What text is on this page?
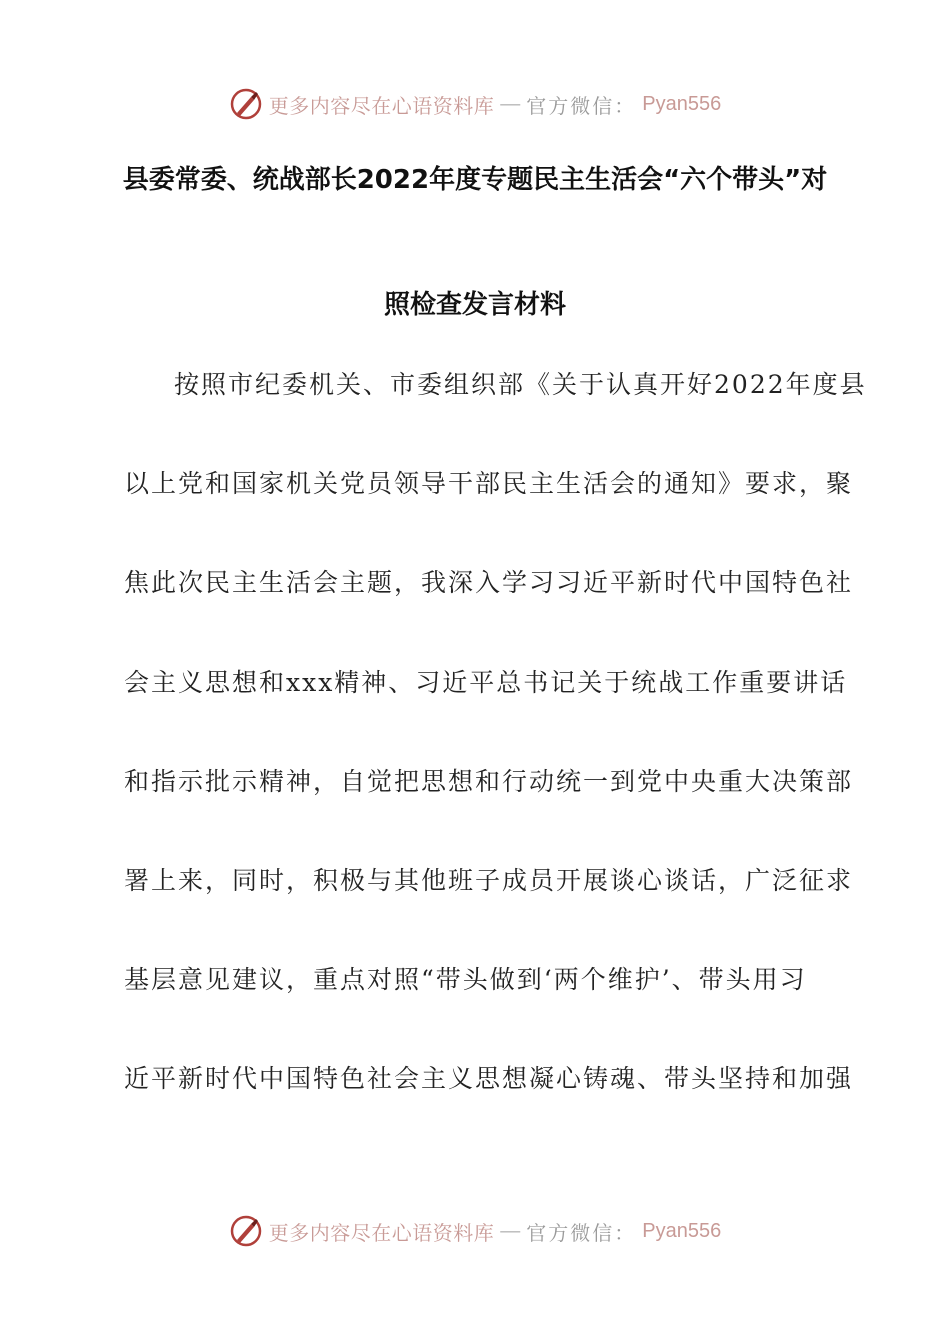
更多内容尽在心语资料库 — 官方微信： Pyan556
县委常委、统战部长2022年度专题民主生活会“六个带头”对
照检查发言材料
按照市纪委机关、市委组织部《关于认真开好2022年度县
以上党和国家机关党员领导干部民主生活会的通知》要求，聚
焦此次民主生活会主题，我深入学习习近平新时代中国特色社
会主义思想和xxx精神、习近平总书记关于统战工作重要讲话
和指示批示精神，自觉把思想和行动统一到党中央重大决策部
署上来，同时，积极与其他班子成员开展谈心谈话，广泛征求
基层意见建议，重点对照“带头做到‘两个维护’、带头用习
近平新时代中国特色社会主义思想凝心铸魂、带头坚持和加强
更多内容尽在心语资料库 — 官方微信： Pyan556
